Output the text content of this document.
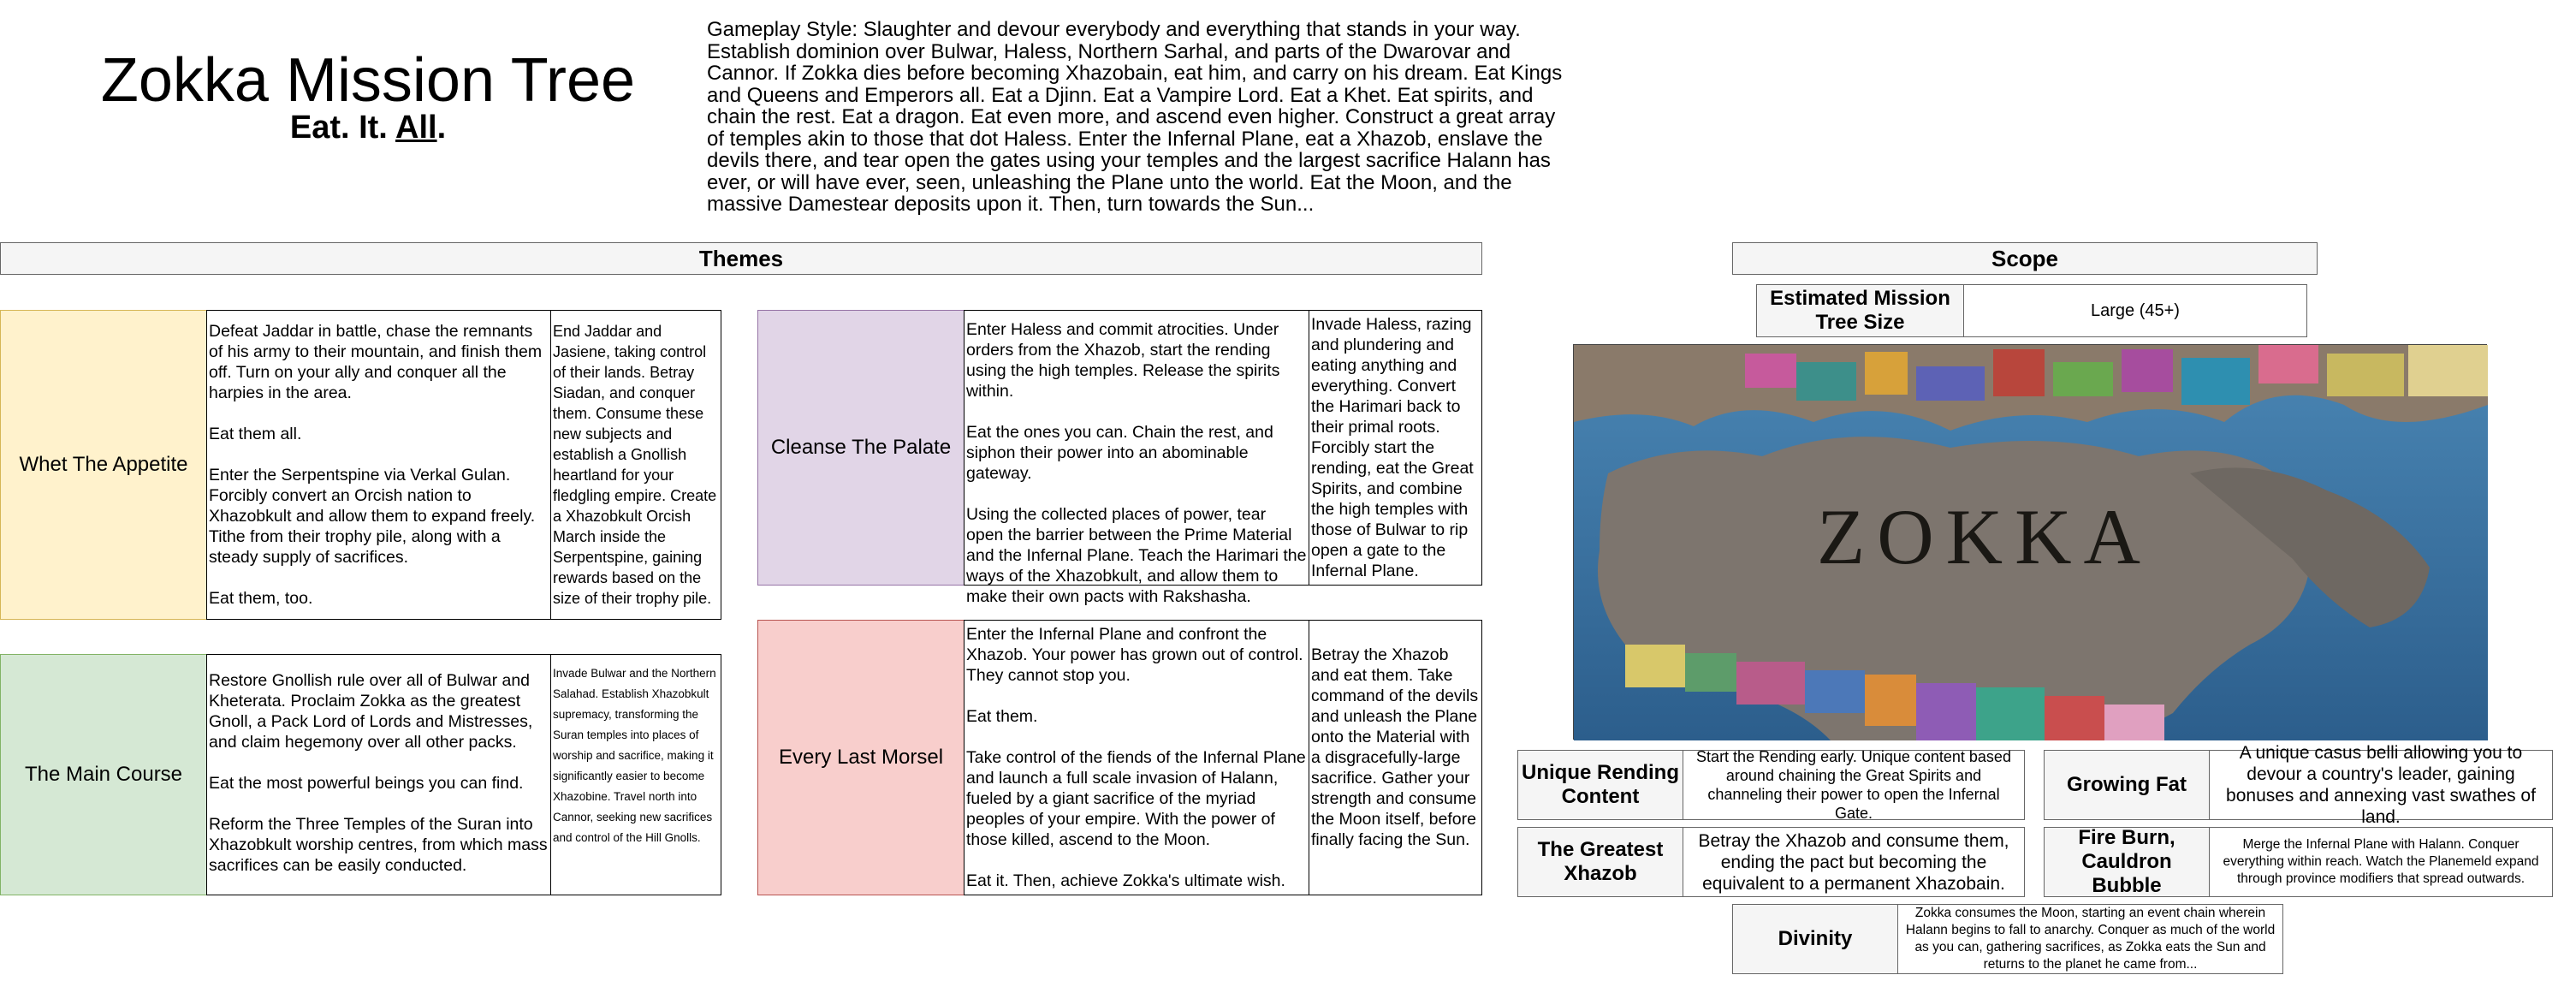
Zokka Mission Tree
Eat. It. All.
Gameplay Style: Slaughter and devour everybody and everything that stands in your way. Establish dominion over Bulwar, Haless, Northern Sarhal, and parts of the Dwarovar and Cannor. If Zokka dies before becoming Xhazobain, eat him, and carry on his dream. Eat Kings and Queens and Emperors all. Eat a Djinn. Eat a Vampire Lord. Eat a Khet. Eat spirits, and chain the rest. Eat a dragon. Eat even more, and ascend even higher. Construct a great array of temples akin to those that dot Haless. Enter the Infernal Plane, eat a Xhazob, enslave the devils there, and tear open the gates using your temples and the largest sacrifice Halann has ever, or will have ever, seen, unleashing the Plane unto the world. Eat the Moon, and the massive Damestear deposits upon it. Then, turn towards the Sun...
Themes	Scope
Whet The Appetite

Defeat Jaddar in battle, chase the remnants of his army to their mountain, and finish them off. Turn on your ally and conquer all the harpies in the area.

Eat them all.

Enter the Serpentspine via Verkal Gulan. Forcibly convert an Orcish nation to Xhazobkult and allow them to expand freely. Tithe from their trophy pile, along with a steady supply of sacrifices.

Eat them, too.

End Jaddar and Jasiene, taking control of their lands. Betray Siadan, and conquer them. Consume these new subjects and establish a Gnollish heartland for your fledgling empire. Create a Xhazobkult Orcish March inside the Serpentspine, gaining rewards based on the size of their trophy pile.
The Main Course

Restore Gnollish rule over all of Bulwar and Kheterata. Proclaim Zokka as the greatest Gnoll, a Pack Lord of Lords and Mistresses, and claim hegemony over all other packs.

Eat the most powerful beings you can find.

Reform the Three Temples of the Suran into Xhazobkult worship centres, from which mass sacrifices can be easily conducted.

Invade Bulwar and the Northern Salahad. Establish Xhazobkult supremacy, transforming the Suran temples into places of worship and sacrifice, making it significantly easier to become Xhazobine. Travel north into Cannor, seeking new sacrifices and control of the Hill Gnolls.
Cleanse The Palate

Enter Haless and commit atrocities. Under orders from the Xhazob, start the rending using the high temples. Release the spirits within.

Eat the ones you can. Chain the rest, and siphon their power into an abominable gateway.

Using the collected places of power, tear open the barrier between the Prime Material and the Infernal Plane. Teach the Harimari the ways of the Xhazobkult, and allow them to make their own pacts with Rakshasha.

Invade Haless, razing and plundering and eating anything and everything. Convert the Harimari back to their primal roots. Forcibly start the rending, eat the Great Spirits, and combine the high temples with those of Bulwar to rip open a gate to the Infernal Plane.
Every Last Morsel

Enter the Infernal Plane and confront the Xhazob. Your power has grown out of control. They cannot stop you.

Eat them.

Take control of the fiends of the Infernal Plane and launch a full scale invasion of Halann, fueled by a giant sacrifice of the myriad peoples of your empire. With the power of those killed, ascend to the Moon.

Eat it. Then, achieve Zokka's ultimate wish.

Betray the Xhazob and eat them. Take command of the devils and unleash the Plane onto the Material with a disgracefully-large sacrifice. Gather your strength and consume the Moon itself, before finally facing the Sun.
Estimated Mission Tree Size
Large (45+)
ZOKKA
Unique Rending Content
Start the Rending early. Unique content based around chaining the Great Spirits and channeling their power to open the Infernal Gate.
Growing Fat
A unique casus belli allowing you to devour a country's leader, gaining bonuses and annexing vast swathes of land.
The Greatest Xhazob
Betray the Xhazob and consume them, ending the pact but becoming the equivalent to a permanent Xhazobain.
Fire Burn, Cauldron Bubble
Merge the Infernal Plane with Halann. Conquer everything within reach. Watch the Planemeld expand through province modifiers that spread outwards.
Divinity
Zokka consumes the Moon, starting an event chain wherein Halann begins to fall to anarchy. Conquer as much of the world as you can, gathering sacrifices, as Zokka eats the Sun and returns to the planet he came from...
